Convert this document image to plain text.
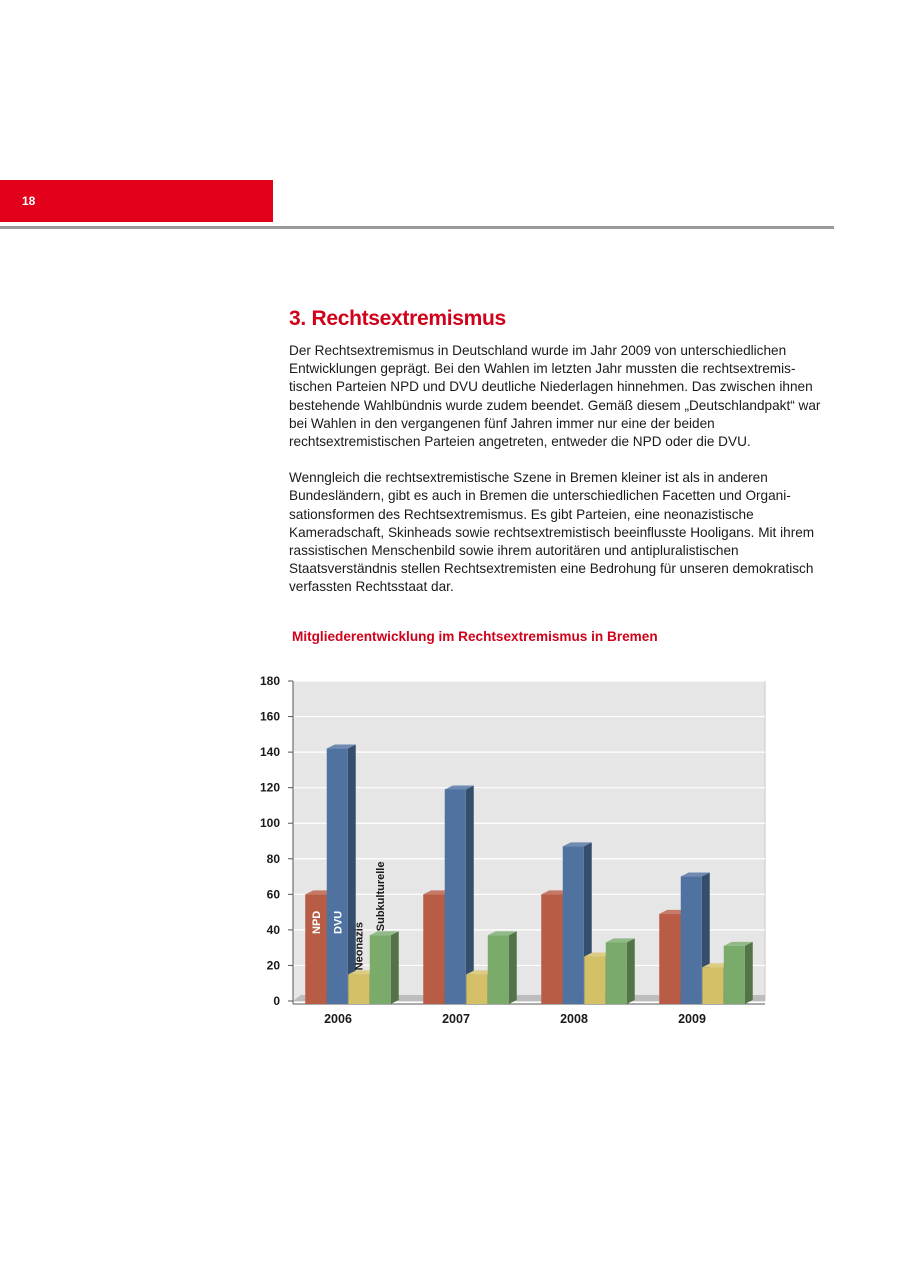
18
3. Rechtsextremismus

Der Rechtsextremismus in Deutschland wurde im Jahr 2009 von unterschiedlichen Entwicklungen geprägt. Bei den Wahlen im letzten Jahr mussten die rechtsextremistischen Parteien NPD und DVU deutliche Niederlagen hinnehmen. Das zwischen ihnen bestehende Wahlbündnis wurde zudem beendet. Gemäß diesem „Deutschlandpakt“ war bei Wahlen in den vergangenen fünf Jahren immer nur eine der beiden rechtsextremistischen Parteien angetreten, entweder die NPD oder die DVU.

Wenngleich die rechtsextremistische Szene in Bremen kleiner ist als in anderen Bundesländern, gibt es auch in Bremen die unterschiedlichen Facetten und Organisationsformen des Rechtsextremismus. Es gibt Parteien, eine neonazistische Kameradschaft, Skinheads sowie rechtsextremistisch beeinflusste Hooligans. Mit ihrem rassistischen Menschenbild sowie ihrem autoritären und antipluralistischen Staatsverständnis stellen Rechtsextremisten eine Bedrohung für unseren demokratisch verfassten Rechtsstaat dar.

Mitgliederentwicklung im Rechtsextremismus in Bremen
0
20
40
60
80
100
120
140
160
180
NPD DVU Neonazis
Subkulturelle
2006	2007	2008	2009
